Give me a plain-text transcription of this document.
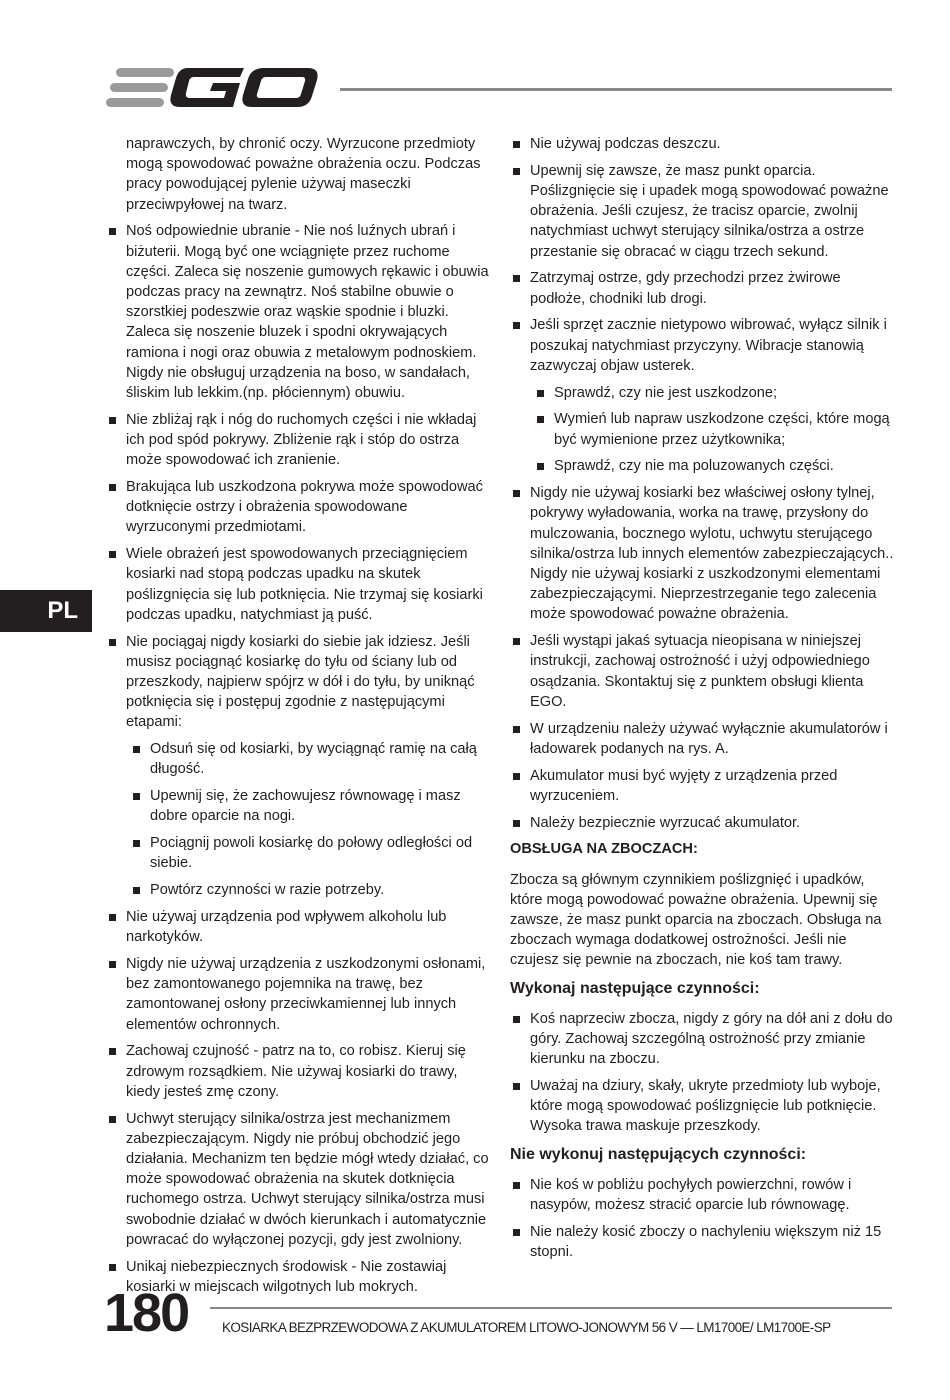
PL
naprawczych, by chronić oczy. Wyrzucone przedmioty mogą spowodować poważne obrażenia oczu. Podczas pracy powodującej pylenie używaj maseczki przeciwpyłowej na twarz.
Noś odpowiednie ubranie - Nie noś luźnych ubrań i biżuterii. Mogą być one wciągnięte przez ruchome części. Zaleca się noszenie gumowych rękawic i obuwia podczas pracy na zewnątrz. Noś stabilne obuwie o szorstkiej podeszwie oraz wąskie spodnie i bluzki. Zaleca się noszenie bluzek i spodni okrywających ramiona i nogi oraz obuwia z metalowym podnoskiem. Nigdy nie obsługuj urządzenia na boso, w sandałach, śliskim lub lekkim.(np. płóciennym) obuwiu.
Nie zbliżaj rąk i nóg do ruchomych części i nie wkładaj ich pod spód pokrywy. Zbliżenie rąk i stóp do ostrza może spowodować ich zranienie.
Brakująca lub uszkodzona pokrywa może spowodować dotknięcie ostrzy i obrażenia spowodowane wyrzuconymi przedmiotami.
Wiele obrażeń jest spowodowanych przeciągnięciem kosiarki nad stopą podczas upadku na skutek poślizgnięcia się lub potknięcia. Nie trzymaj się kosiarki podczas upadku, natychmiast ją puść.
Nie pociągaj nigdy kosiarki do siebie jak idziesz. Jeśli musisz pociągnąć kosiarkę do tyłu od ściany lub od przeszkody, najpierw spójrz w dół i do tyłu, by uniknąć potknięcia się i postępuj zgodnie z następującymi etapami:
Odsuń się od kosiarki, by wyciągnąć ramię na całą długość.
Upewnij się, że zachowujesz równowagę i masz dobre oparcie na nogi.
Pociągnij powoli kosiarkę do połowy odległości od siebie.
Powtórz czynności w razie potrzeby.
Nie używaj urządzenia pod wpływem alkoholu lub narkotyków.
Nigdy nie używaj urządzenia z uszkodzonymi osłonami, bez zamontowanego pojemnika na trawę, bez zamontowanej osłony przeciwkamiennej lub innych elementów ochronnych.
Zachowaj czujność - patrz na to, co robisz. Kieruj się zdrowym rozsądkiem. Nie używaj kosiarki do trawy, kiedy jesteś zmę czony.
Uchwyt sterujący silnika/ostrza jest mechanizmem zabezpieczającym. Nigdy nie próbuj obchodzić jego działania. Mechanizm ten będzie mógł wtedy działać, co może spowodować obrażenia na skutek dotknięcia ruchomego ostrza. Uchwyt sterujący silnika/ostrza musi swobodnie działać w dwóch kierunkach i automatycznie powracać do wyłączonej pozycji, gdy jest zwolniony.
Unikaj niebezpiecznych środowisk - Nie zostawiaj kosiarki w miejscach wilgotnych lub mokrych.
Nie używaj podczas deszczu.
Upewnij się zawsze, że masz punkt oparcia. Poślizgnięcie się i upadek mogą spowodować poważne obrażenia. Jeśli czujesz, że tracisz oparcie, zwolnij natychmiast uchwyt sterujący silnika/ostrza a ostrze przestanie się obracać w ciągu trzech sekund.
Zatrzymaj ostrze, gdy przechodzi przez żwirowe podłoże, chodniki lub drogi.
Jeśli sprzęt zacznie nietypowo wibrować, wyłącz silnik i poszukaj natychmiast przyczyny. Wibracje stanowią zazwyczaj objaw usterek.
Sprawdź, czy nie jest uszkodzone;
Wymień lub napraw uszkodzone części, które mogą być wymienione przez użytkownika;
Sprawdź, czy nie ma poluzowanych części.
Nigdy nie używaj kosiarki bez właściwej osłony tylnej, pokrywy wyładowania, worka na trawę, przysłony do mulczowania, bocznego wylotu, uchwytu sterującego silnika/ostrza lub innych elementów zabezpieczających.. Nigdy nie używaj kosiarki z uszkodzonymi elementami zabezpieczającymi. Nieprzestrzeganie tego zalecenia może spowodować poważne obrażenia.
Jeśli wystąpi jakaś sytuacja nieopisana w niniejszej instrukcji, zachowaj ostrożność i użyj odpowiedniego osądzania. Skontaktuj się z punktem obsługi klienta EGO.
W urządzeniu należy używać wyłącznie akumulatorów i ładowarek podanych na rys. A.
Akumulator musi być wyjęty z urządzenia przed wyrzuceniem.
Należy bezpiecznie wyrzucać akumulator.
OBSŁUGA NA ZBOCZACH:

Zbocza są głównym czynnikiem poślizgnięć i upadków, które mogą powodować poważne obrażenia. Upewnij się zawsze, że masz punkt oparcia na zboczach. Obsługa na zboczach wymaga dodatkowej ostrożności. Jeśli nie czujesz się pewnie na zboczach, nie koś tam trawy.

Wykonaj następujące czynności:
Koś naprzeciw zbocza, nigdy z góry na dół ani z dołu do góry. Zachowaj szczególną ostrożność przy zmianie kierunku na zboczu.
Uważaj na dziury, skały, ukryte przedmioty lub wyboje, które mogą spowodować poślizgnięcie lub potknięcie. Wysoka trawa maskuje przeszkody.
Nie wykonuj następujących czynności:
Nie koś w pobliżu pochyłych powierzchni, rowów i nasypów, możesz stracić oparcie lub równowagę.
Nie należy kosić zboczy o nachyleniu większym niż 15 stopni.
180	KOSIARKA BEZPRZEWODOWA Z AKUMULATOREM LITOWO-JONOWYM 56 V — LM1700E/ LM1700E-SP
